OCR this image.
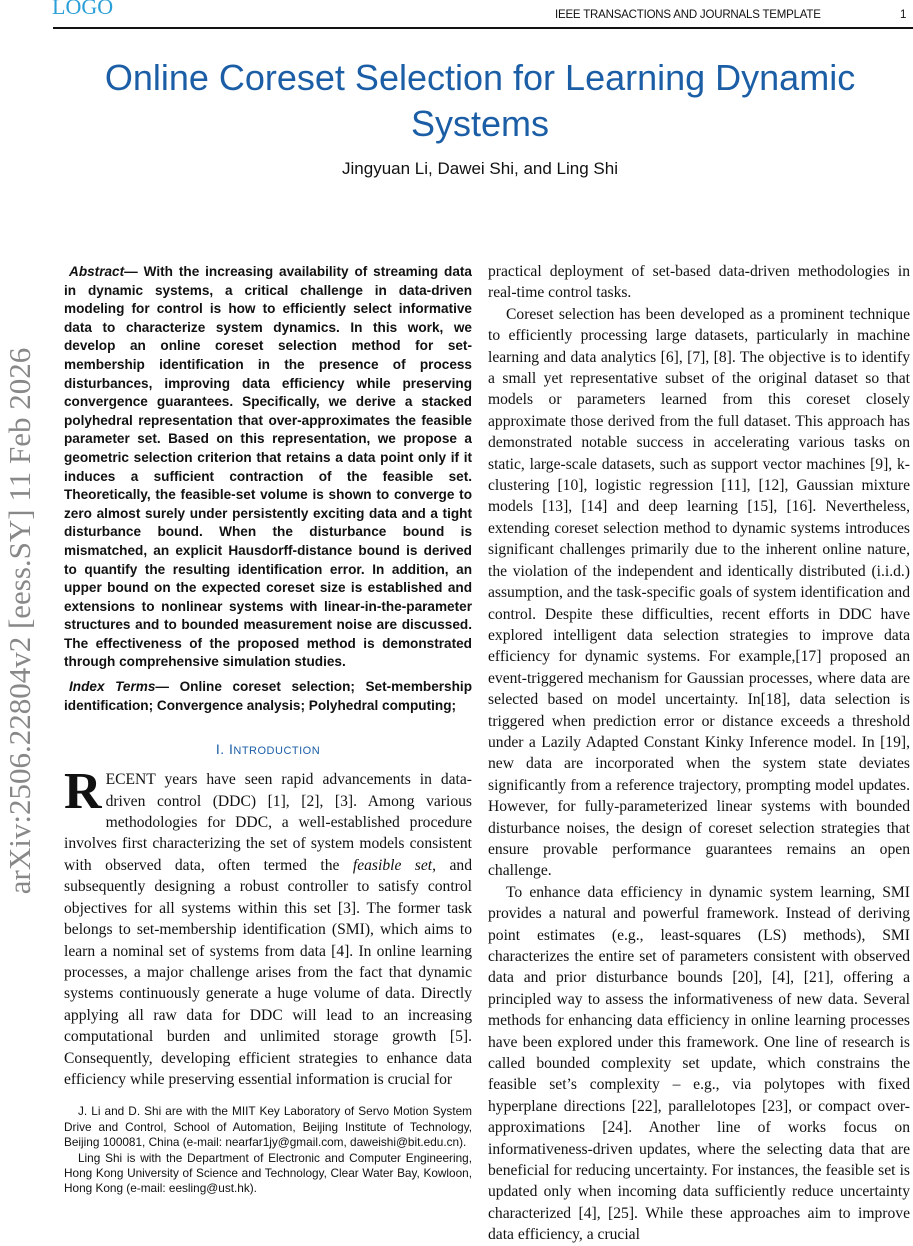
LOGO	IEEE TRANSACTIONS AND JOURNALS TEMPLATE	1
arXiv:2506.22804v2 [eess.SY] 11 Feb 2026
Online Coreset Selection for Learning Dynamic Systems
Jingyuan Li, Dawei Shi, and Ling Shi

Abstract— With the increasing availability of streaming data in dynamic systems, a critical challenge in data-driven modeling for control is how to efficiently select informative data to characterize system dynamics. In this work, we develop an online coreset selection method for set-membership identification in the presence of process disturbances, improving data efficiency while preserving convergence guarantees. Specifically, we derive a stacked polyhedral representation that over-approximates the feasible parameter set. Based on this representation, we propose a geometric selection criterion that retains a data point only if it induces a sufficient contraction of the feasible set. Theoretically, the feasible-set volume is shown to converge to zero almost surely under persistently exciting data and a tight disturbance bound. When the disturbance bound is mismatched, an explicit Hausdorff-distance bound is derived to quantify the resulting identification error. In addition, an upper bound on the expected coreset size is established and extensions to nonlinear systems with linear-in-the-parameter structures and to bounded measurement noise are discussed. The effectiveness of the proposed method is demonstrated through comprehensive simulation studies.

Index Terms— Online coreset selection; Set-membership identification; Convergence analysis; Polyhedral computing;

I. INTRODUCTION

RECENT years have seen rapid advancements in data-driven control (DDC) [1], [2], [3]. Among various methodologies for DDC, a well-established procedure involves first characterizing the set of system models consistent with observed data, often termed the feasible set, and subsequently designing a robust controller to satisfy control objectives for all systems within this set [3]. The former task belongs to set-membership identification (SMI), which aims to learn a nominal set of systems from data [4]. In online learning processes, a major challenge arises from the fact that dynamic systems continuously generate a huge volume of data. Directly applying all raw data for DDC will lead to an increasing computational burden and unlimited storage growth [5]. Consequently, developing efficient strategies to enhance data efficiency while preserving essential information is crucial for

J. Li and D. Shi are with the MIIT Key Laboratory of Servo Motion System Drive and Control, School of Automation, Beijing Institute of Technology, Beijing 100081, China (e-mail: nearfar1jy@gmail.com, daweishi@bit.edu.cn).

Ling Shi is with the Department of Electronic and Computer Engineering, Hong Kong University of Science and Technology, Clear Water Bay, Kowloon, Hong Kong (e-mail: eesling@ust.hk).

practical deployment of set-based data-driven methodologies in real-time control tasks.

Coreset selection has been developed as a prominent technique to efficiently processing large datasets, particularly in machine learning and data analytics [6], [7], [8]. The objective is to identify a small yet representative subset of the original dataset so that models or parameters learned from this coreset closely approximate those derived from the full dataset. This approach has demonstrated notable success in accelerating various tasks on static, large-scale datasets, such as support vector machines [9], k-clustering [10], logistic regression [11], [12], Gaussian mixture models [13], [14] and deep learning [15], [16]. Nevertheless, extending coreset selection method to dynamic systems introduces significant challenges primarily due to the inherent online nature, the violation of the independent and identically distributed (i.i.d.) assumption, and the task-specific goals of system identification and control. Despite these difficulties, recent efforts in DDC have explored intelligent data selection strategies to improve data efficiency for dynamic systems. For example,[17] proposed an event-triggered mechanism for Gaussian processes, where data are selected based on model uncertainty. In[18], data selection is triggered when prediction error or distance exceeds a threshold under a Lazily Adapted Constant Kinky Inference model. In [19], new data are incorporated when the system state deviates significantly from a reference trajectory, prompting model updates. However, for fully-parameterized linear systems with bounded disturbance noises, the design of coreset selection strategies that ensure provable performance guarantees remains an open challenge.

To enhance data efficiency in dynamic system learning, SMI provides a natural and powerful framework. Instead of deriving point estimates (e.g., least-squares (LS) methods), SMI characterizes the entire set of parameters consistent with observed data and prior disturbance bounds [20], [4], [21], offering a principled way to assess the informativeness of new data. Several methods for enhancing data efficiency in online learning processes have been explored under this framework. One line of research is called bounded complexity set update, which constrains the feasible set’s complexity – e.g., via polytopes with fixed hyperplane directions [22], parallelotopes [23], or compact over-approximations [24]. Another line of works focus on informativeness-driven updates, where the selecting data that are beneficial for reducing uncertainty. For instances, the feasible set is updated only when incoming data sufficiently reduce uncertainty characterized [4], [25]. While these approaches aim to improve data efficiency, a crucial
